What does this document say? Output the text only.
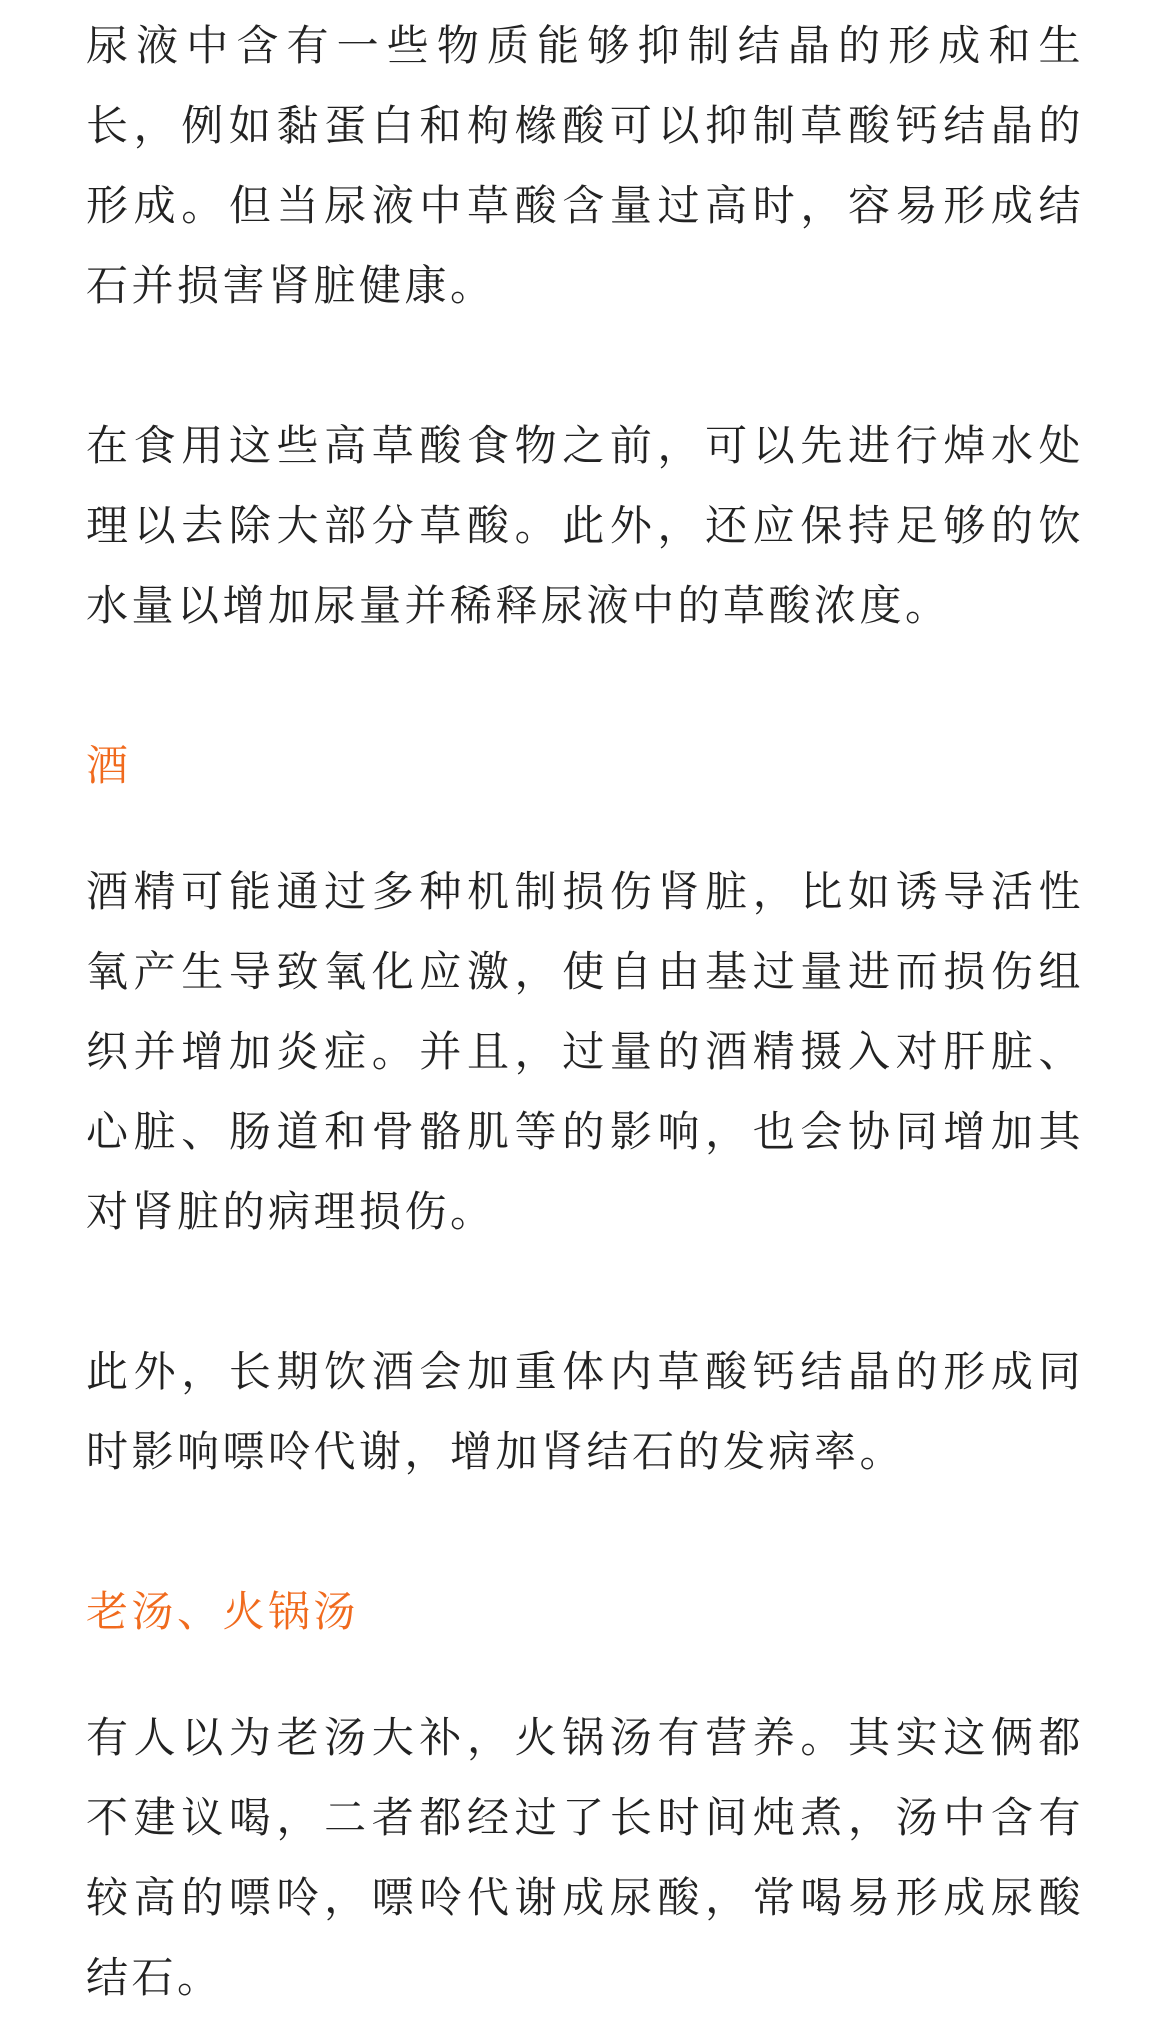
尿液中含有一些物质能够抑制结晶的形成和生长，例如黏蛋白和枸橼酸可以抑制草酸钙结晶的形成。但当尿液中草酸含量过高时，容易形成结石并损害肾脏健康。

在食用这些高草酸食物之前，可以先进行焯水处理以去除大部分草酸。此外，还应保持足够的饮水量以增加尿量并稀释尿液中的草酸浓度。

酒

酒精可能通过多种机制损伤肾脏，比如诱导活性氧产生导致氧化应激，使自由基过量进而损伤组织并增加炎症。并且，过量的酒精摄入对肝脏、心脏、肠道和骨骼肌等的影响，也会协同增加其对肾脏的病理损伤。

此外，长期饮酒会加重体内草酸钙结晶的形成同时影响嘌呤代谢，增加肾结石的发病率。

老汤、火锅汤

有人以为老汤大补，火锅汤有营养。其实这俩都不建议喝，二者都经过了长时间炖煮，汤中含有较高的嘌呤，嘌呤代谢成尿酸，常喝易形成尿酸结石。
